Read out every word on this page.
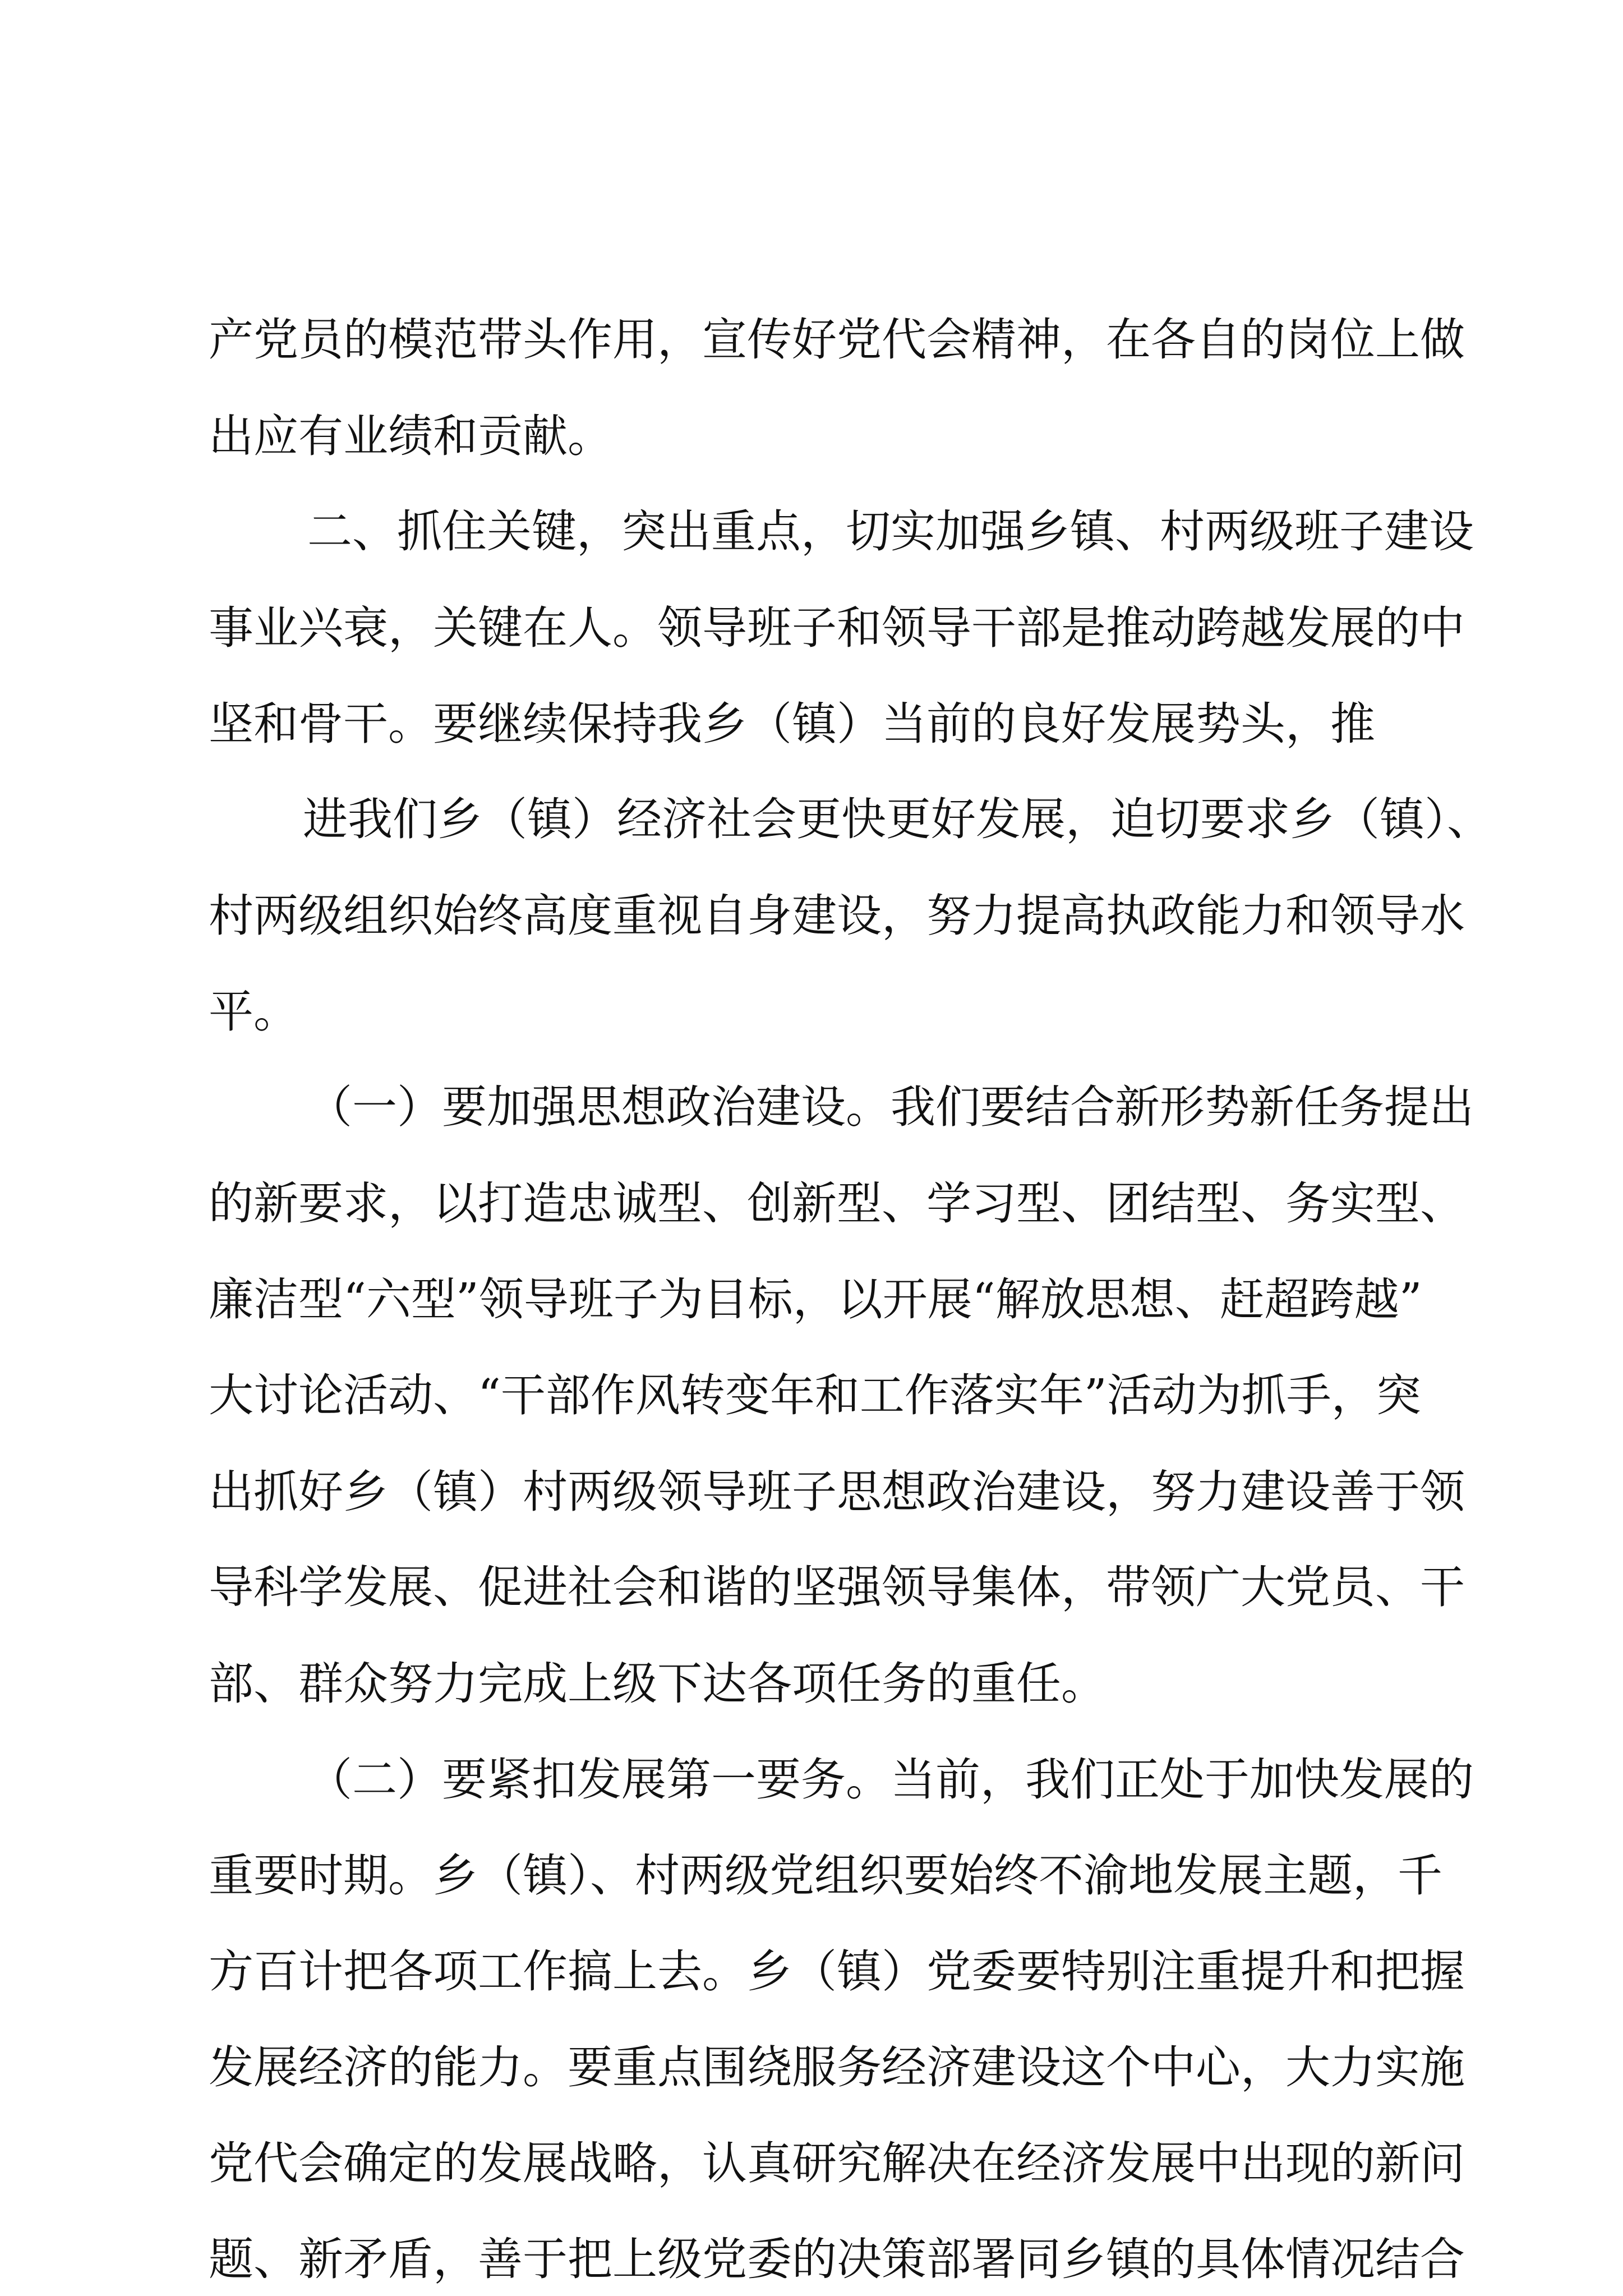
产党员的模范带头作用，宣传好党代会精神，在各自的岗位上做
出应有业绩和贡献。
二、抓住关键，突出重点，切实加强乡镇、村两级班子建设
事业兴衰，关键在人。领导班子和领导干部是推动跨越发展的中
坚和骨干。要继续保持我乡（镇）当前的良好发展势头，推
进我们乡（镇）经济社会更快更好发展，迫切要求乡（镇）、
村两级组织始终高度重视自身建设，努力提高执政能力和领导水
平。
（一）要加强思想政治建设。我们要结合新形势新任务提出
的新要求，以打造忠诚型、创新型、学习型、团结型、务实型、
廉洁型“六型”领导班子为目标，以开展“解放思想、赶超跨越”
大讨论活动、“干部作风转变年和工作落实年”活动为抓手，突
出抓好乡（镇）村两级领导班子思想政治建设，努力建设善于领
导科学发展、促进社会和谐的坚强领导集体，带领广大党员、干
部、群众努力完成上级下达各项任务的重任。
（二）要紧扣发展第一要务。当前，我们正处于加快发展的
重要时期。乡（镇）、村两级党组织要始终不渝地发展主题，千
方百计把各项工作搞上去。乡（镇）党委要特别注重提升和把握
发展经济的能力。要重点围绕服务经济建设这个中心，大力实施
党代会确定的发展战略，认真研究解决在经济发展中出现的新问
题、新矛盾，善于把上级党委的决策部署同乡镇的具体情况结合
